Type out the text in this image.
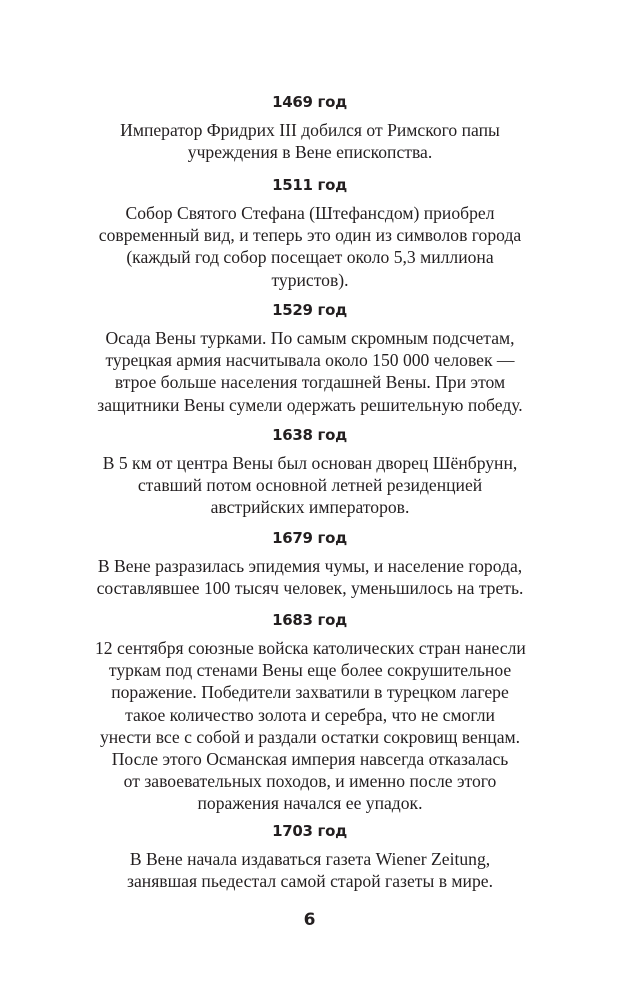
1469 год
Император Фридрих III добился от Римского папы
учреждения в Вене епископства.
1511 год
Собор Святого Стефана (Штефансдом) приобрел
современный вид, и теперь это один из символов города
(каждый год собор посещает около 5,3 миллиона
туристов).
1529 год
Осада Вены турками. По самым скромным подсчетам,
турецкая армия насчитывала около 150 000 человек —
втрое больше населения тогдашней Вены. При этом
защитники Вены сумели одержать решительную победу.
1638 год
В 5 км от центра Вены был основан дворец Шёнбрунн,
ставший потом основной летней резиденцией
австрийских императоров.
1679 год
В Вене разразилась эпидемия чумы, и население города,
составлявшее 100 тысяч человек, уменьшилось на треть.
1683 год
12 сентября союзные войска католических стран нанесли
туркам под стенами Вены еще более сокрушительное
поражение. Победители захватили в турецком лагере
такое количество золота и серебра, что не смогли
унести все с собой и раздали остатки сокровищ венцам.
После этого Османская империя навсегда отказалась
от завоевательных походов, и именно после этого
поражения начался ее упадок.
1703 год
В Вене начала издаваться газета Wiener Zeitung,
занявшая пьедестал самой старой газеты в мире.
6
